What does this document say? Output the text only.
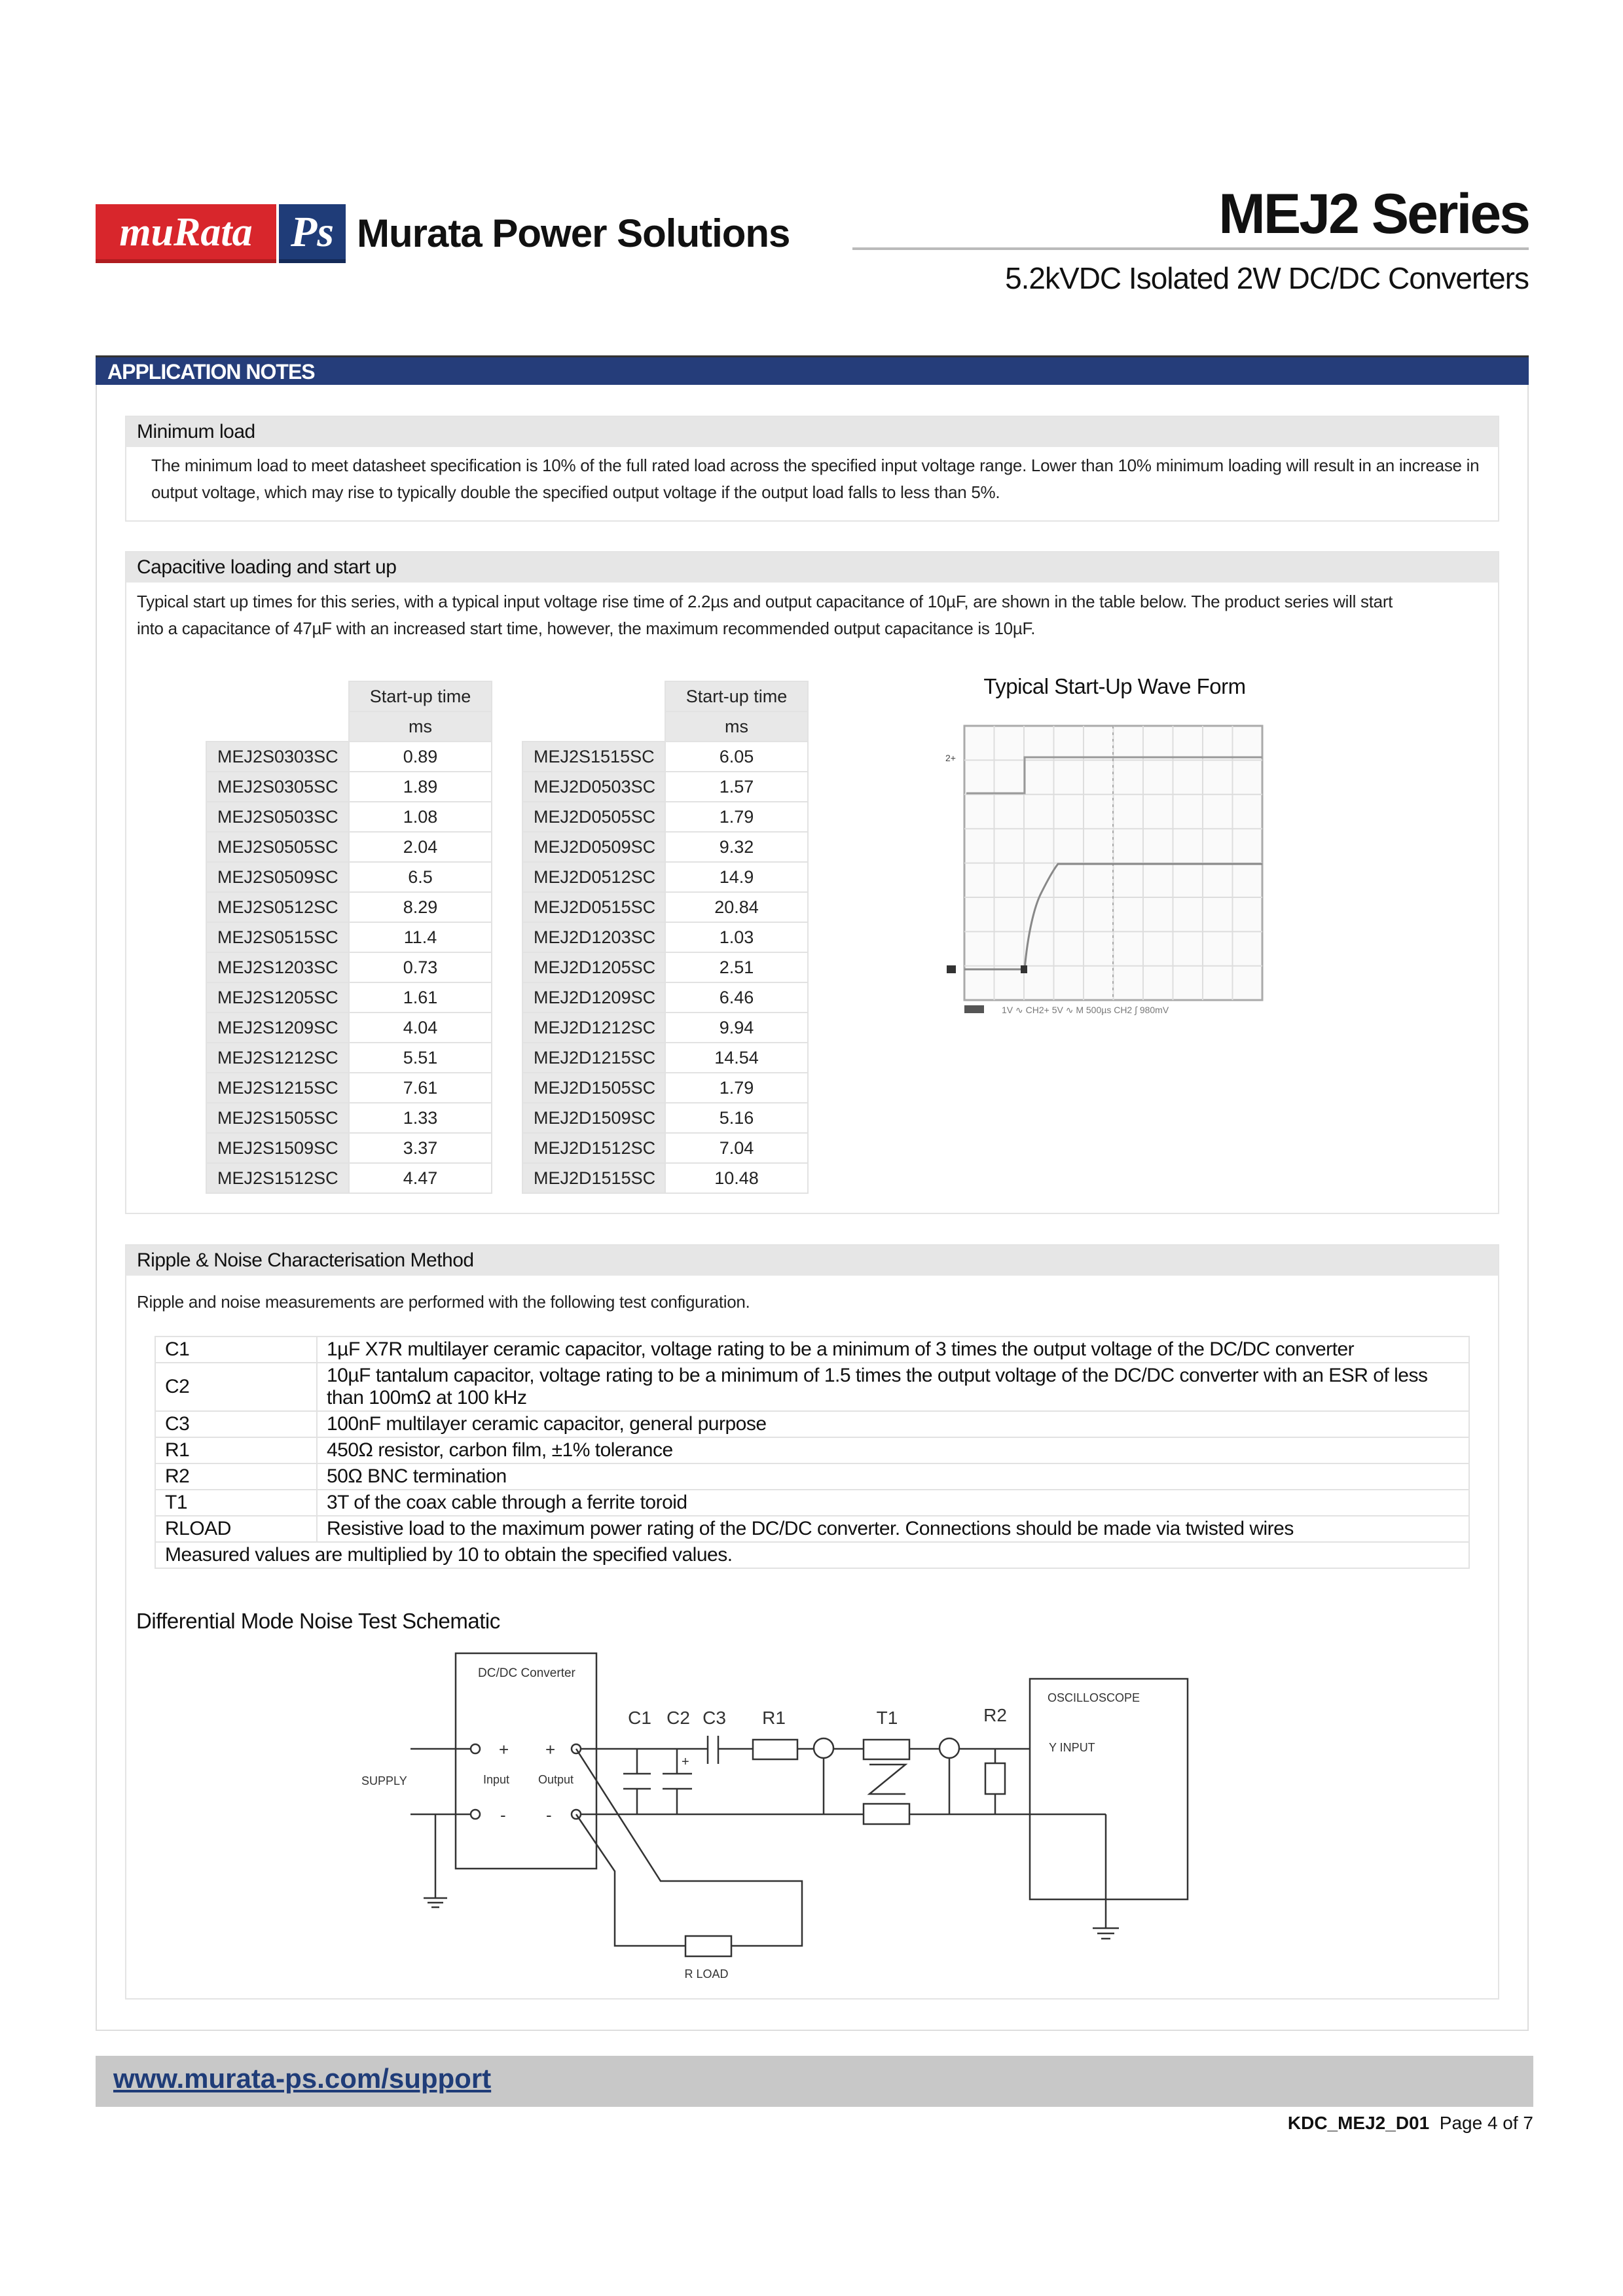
muRata Ps Murata Power Solutions	MEJ2 Series
5.2kVDC Isolated 2W DC/DC Converters
APPLICATION NOTES
Minimum load
The minimum load to meet datasheet specification is 10% of the full rated load across the specified input voltage range. Lower than 10% minimum loading will result in an increase in output voltage, which may rise to typically double the specified output voltage if the output load falls to less than 5%.
Capacitive loading and start up
Typical start up times for this series, with a typical input voltage rise time of 2.2µs and output capacitance of 10µF, are shown in the table below. The product series will start into a capacitance of 47µF with an increased start time, however, the maximum recommended output capacitance is 10µF.
	Start-up time
	ms
MEJ2S0303SC	0.89
MEJ2S0305SC	1.89
MEJ2S0503SC	1.08
MEJ2S0505SC	2.04
MEJ2S0509SC	6.5
MEJ2S0512SC	8.29
MEJ2S0515SC	11.4
MEJ2S1203SC	0.73
MEJ2S1205SC	1.61
MEJ2S1209SC	4.04
MEJ2S1212SC	5.51
MEJ2S1215SC	7.61
MEJ2S1505SC	1.33
MEJ2S1509SC	3.37
MEJ2S1512SC	4.47
	Start-up time
	ms
MEJ2S1515SC	6.05
MEJ2D0503SC	1.57
MEJ2D0505SC	1.79
MEJ2D0509SC	9.32
MEJ2D0512SC	14.9
MEJ2D0515SC	20.84
MEJ2D1203SC	1.03
MEJ2D1205SC	2.51
MEJ2D1209SC	6.46
MEJ2D1212SC	9.94
MEJ2D1215SC	14.54
MEJ2D1505SC	1.79
MEJ2D1509SC	5.16
MEJ2D1512SC	7.04
MEJ2D1515SC	10.48
Typical Start-Up Wave Form
2+
1V ∿ CH2+ 5V ∿ M 500µs CH2 ∫ 980mV
Ripple & Noise Characterisation Method
Ripple and noise measurements are performed with the following test configuration.
C1	1µF X7R multilayer ceramic capacitor, voltage rating to be a minimum of 3 times the output voltage of the DC/DC converter
C2	10µF tantalum capacitor, voltage rating to be a minimum of 1.5 times the output voltage of the DC/DC converter with an ESR of less than 100mΩ at 100 kHz
C3	100nF multilayer ceramic capacitor, general purpose
R1	450Ω resistor, carbon film, ±1% tolerance
R2	50Ω BNC termination
T1	3T of the coax cable through a ferrite toroid
RLOAD	Resistive load to the maximum power rating of the DC/DC converter. Connections should be made via twisted wires
Measured values are multiplied by 10 to obtain the specified values.	
Differential Mode Noise Test Schematic
DC/DC Converter
+ +
- -
Input Output
SUPPLY
+
OSCILLOSCOPE
Y INPUT
C1 C2 C3 R1	T1	R2
R LOAD
www.murata-ps.com/support
KDC_MEJ2_D01 Page 4 of 7
